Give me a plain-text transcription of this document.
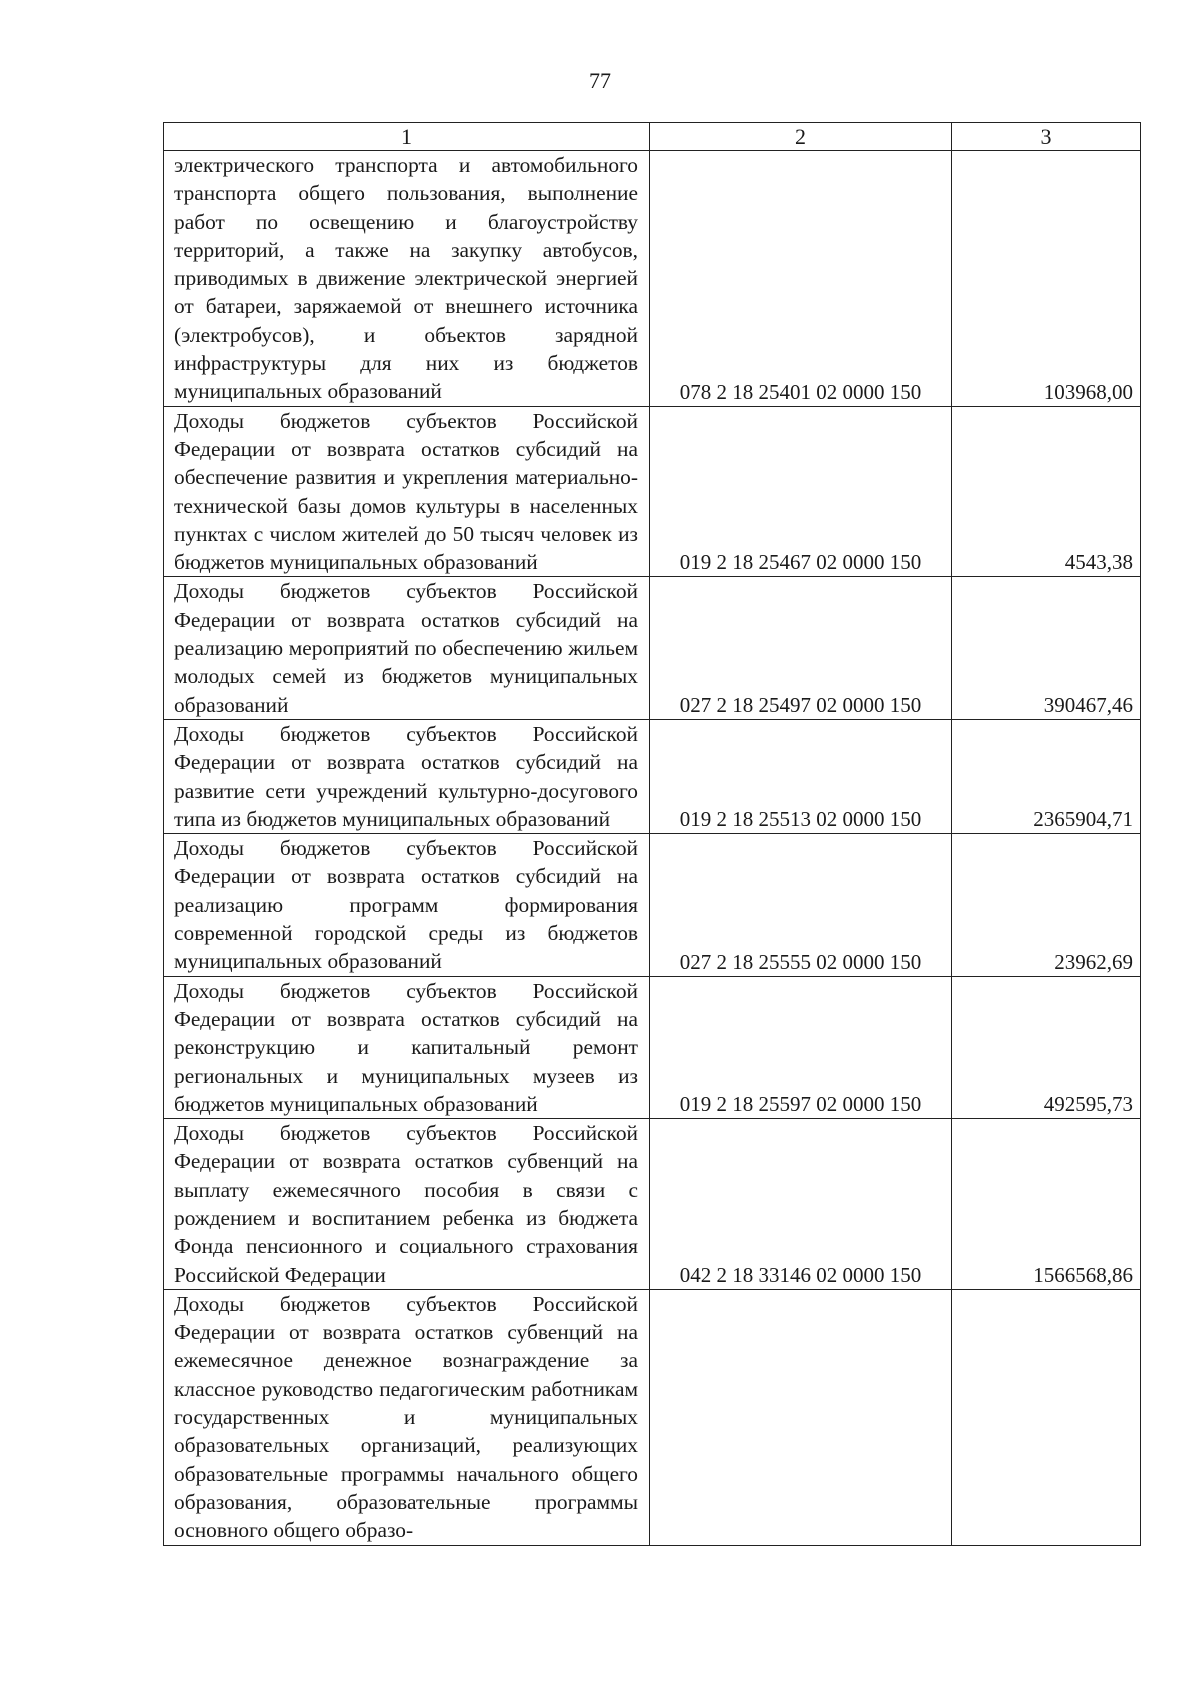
77
1	2	3
электрического транспорта и автомобильного транспорта общего пользования, выполнение работ по освещению и благоустройству территорий, а также на закупку автобусов, приводимых в движение электрической энергией от батареи, заряжаемой от внешнего источника (электробусов), и объектов зарядной инфраструктуры для них из бюджетов муниципальных образований	078 2 18 25401 02 0000 150	103968,00
Доходы бюджетов субъектов Российской Федерации от возврата остатков субсидий на обеспечение развития и укрепления материально-технической базы домов культуры в населенных пунктах с числом жителей до 50 тысяч человек из бюджетов муниципальных образований	019 2 18 25467 02 0000 150	4543,38
Доходы бюджетов субъектов Российской Федерации от возврата остатков субсидий на реализацию мероприятий по обеспечению жильем молодых семей из бюджетов муниципальных образований	027 2 18 25497 02 0000 150	390467,46
Доходы бюджетов субъектов Российской Федерации от возврата остатков субсидий на развитие сети учреждений культурно-досугового типа из бюджетов муниципальных образований	019 2 18 25513 02 0000 150	2365904,71
Доходы бюджетов субъектов Российской Федерации от возврата остатков субсидий на реализацию программ формирования современной городской среды из бюджетов муниципальных образований	027 2 18 25555 02 0000 150	23962,69
Доходы бюджетов субъектов Российской Федерации от возврата остатков субсидий на реконструкцию и капитальный ремонт региональных и муниципальных музеев из бюджетов муниципальных образований	019 2 18 25597 02 0000 150	492595,73
Доходы бюджетов субъектов Российской Федерации от возврата остатков субвенций на выплату ежемесячного пособия в связи с рождением и воспитанием ребенка из бюджета Фонда пенсионного и социального страхования Российской Федерации	042 2 18 33146 02 0000 150	1566568,86
Доходы бюджетов субъектов Российской Федерации от возврата остатков субвенций на ежемесячное денежное вознаграждение за классное руководство педагогическим работникам государственных и муниципальных образовательных организаций, реализующих образовательные программы начального общего образования, образовательные программы основного общего образо-		
